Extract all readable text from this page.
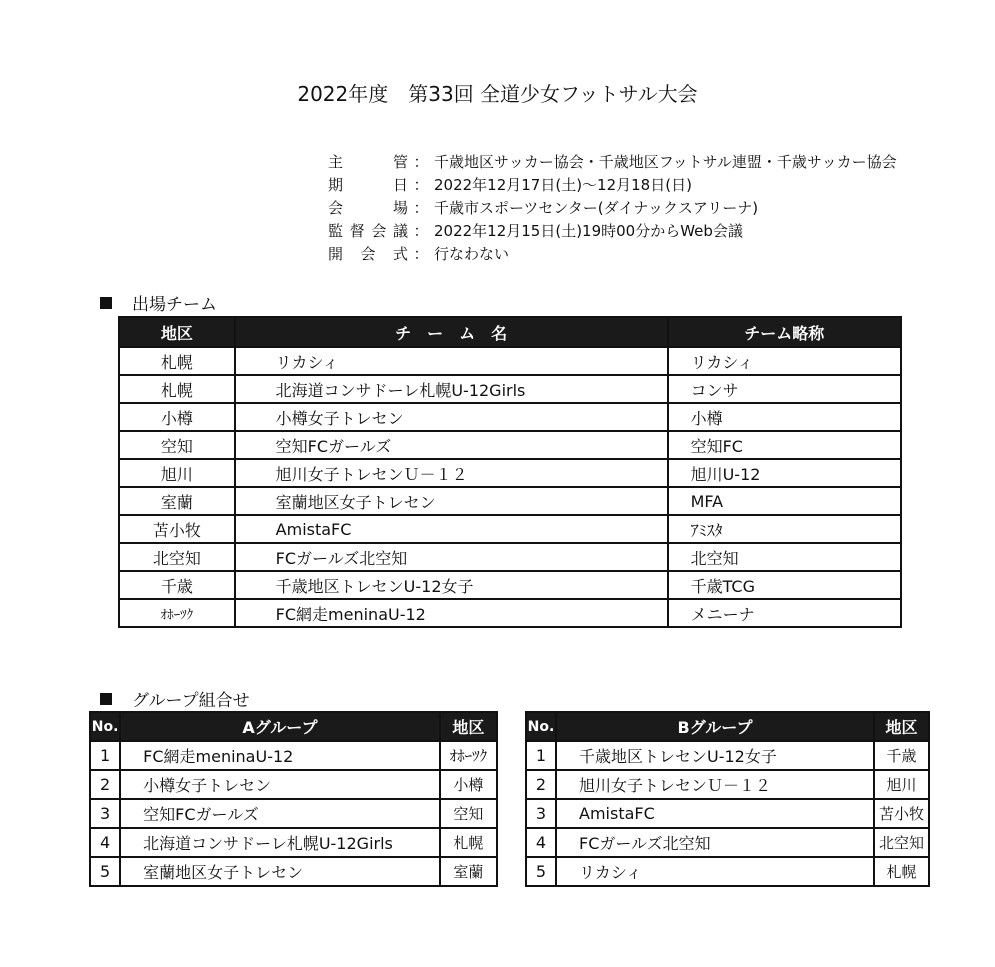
2022年度　第33回 全道少女フットサル大会
主	管 ： 千歳地区サッカー協会・千歳地区フットサル連盟・千歳サッカー協会
期	日 ： 2022年12月17日(土)～12月18日(日)
会	場 ： 千歳市スポーツセンター(ダイナックスアリーナ)
監 督 会 議 ： 2022年12月15日(土)19時00分からWeb会議
開 会 式 ： 行なわない
出場チーム
地区	チ　ー　ム　名	チーム略称
札幌	リカシィ	リカシィ
札幌	北海道コンサドーレ札幌U-12Girls	コンサ
小樽	小樽女子トレセン	小樽
空知	空知FCガールズ	空知FC
旭川	旭川女子トレセンＵ－１２	旭川U-12
室蘭	室蘭地区女子トレセン	MFA
苫小牧	AmistaFC	ｱﾐｽﾀ
北空知	FCガールズ北空知	北空知
千歳	千歳地区トレセンU-12女子	千歳TCG
ｵﾎｰﾂｸ	FC網走meninaU-12	メニーナ
グループ組合せ
No.	Aグループ	地区
1	FC網走meninaU-12	ｵﾎｰﾂｸ
2	小樽女子トレセン	小樽
3	空知FCガールズ	空知
4	北海道コンサドーレ札幌U-12Girls	札幌
5	室蘭地区女子トレセン	室蘭
No.	Bグループ	地区
1	千歳地区トレセンU-12女子	千歳
2	旭川女子トレセンＵ－１２	旭川
3	AmistaFC	苫小牧
4	FCガールズ北空知	北空知
5	リカシィ	札幌
